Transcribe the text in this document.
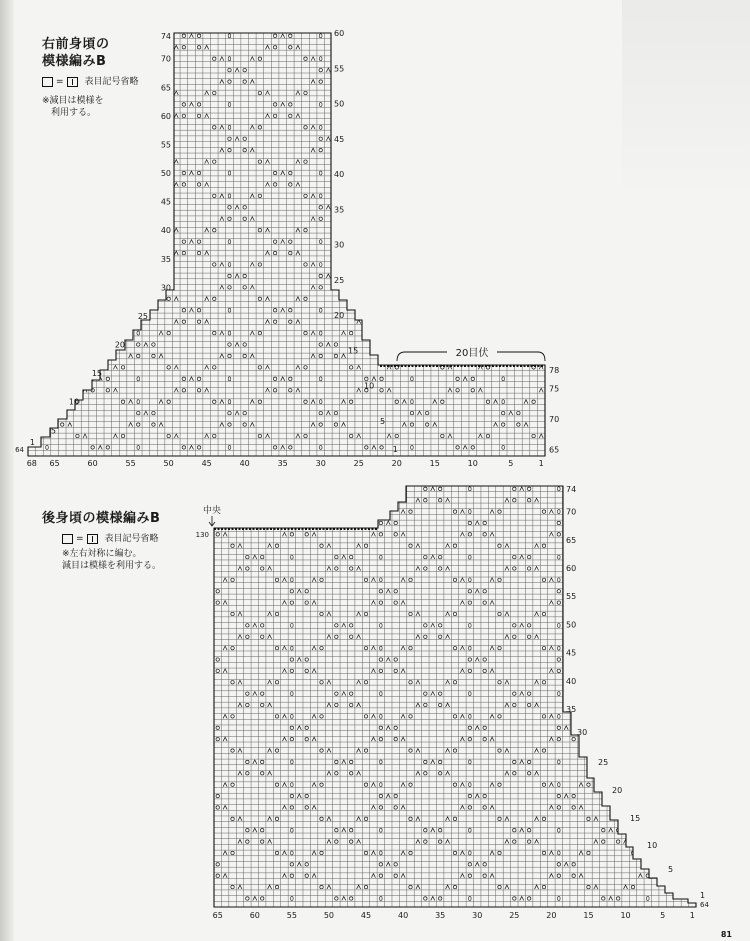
右前身頃の
模様編みB
= 表目記号省略
※減目は模様を
　利用する。
後身頃の模様編みB
= 表目記号省略
※左右対称に編む。
減目は模様を利用する。
20目伏
74
70
65
60
55
50
45
40
35
30
25
20
15
10
5
1
60
55
50
45
40
35
30
25
20
15
10
5
1
78
75
70
65
64
68 65	60	55	50	45	40	35	30	25	20	15	10	5	1
中央
130
74
70
65
60
55
50
45
40
35
30
25
20
15
10
5
1
64
65	60	55	50	45	40	35	30	25	20	15	10	5	1
81
